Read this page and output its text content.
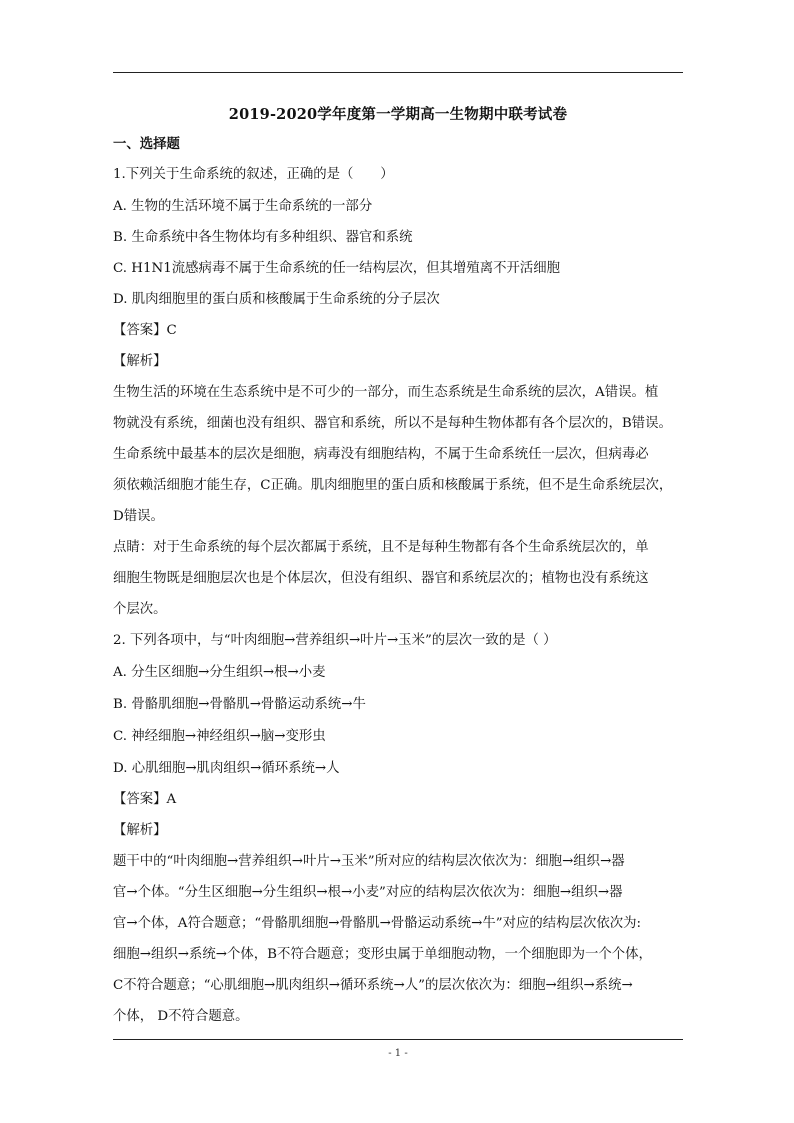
2019-2020学年度第一学期高一生物期中联考试卷
一、选择题
1.下列关于生命系统的叙述，正确的是（　　）
A. 生物的生活环境不属于生命系统的一部分
B. 生命系统中各生物体均有多种组织、器官和系统
C. H1N1流感病毒不属于生命系统的任一结构层次，但其增殖离不开活细胞
D. 肌肉细胞里的蛋白质和核酸属于生命系统的分子层次
【答案】C
【解析】
生物生活的环境在生态系统中是不可少的一部分，而生态系统是生命系统的层次，A错误。植
物就没有系统，细菌也没有组织、器官和系统，所以不是每种生物体都有各个层次的，B错误。
生命系统中最基本的层次是细胞，病毒没有细胞结构，不属于生命系统任一层次，但病毒必
须依赖活细胞才能生存，C正确。肌肉细胞里的蛋白质和核酸属于系统，但不是生命系统层次，
D错误。
点睛：对于生命系统的每个层次都属于系统，且不是每种生物都有各个生命系统层次的，单
细胞生物既是细胞层次也是个体层次，但没有组织、器官和系统层次的；植物也没有系统这
个层次。
2. 下列各项中，与“叶肉细胞→营养组织→叶片→玉米”的层次一致的是（ ）
A. 分生区细胞→分生组织→根→小麦
B. 骨骼肌细胞→骨骼肌→骨骼运动系统→牛
C. 神经细胞→神经组织→脑→变形虫
D. 心肌细胞→肌肉组织→循环系统→人
【答案】A
【解析】
题干中的“叶肉细胞→营养组织→叶片→玉米”所对应的结构层次依次为：细胞→组织→器
官→个体。“分生区细胞→分生组织→根→小麦”对应的结构层次依次为：细胞→组织→器
官→个体，A符合题意；“骨骼肌细胞→骨骼肌→骨骼运动系统→牛”对应的结构层次依次为:
细胞→组织→系统→个体，B不符合题意；变形虫属于单细胞动物，一个细胞即为一个个体，
C不符合题意；“心肌细胞→肌肉组织→循环系统→人”的层次依次为：细胞→组织→系统→
个体， D不符合题意。
- 1 -
